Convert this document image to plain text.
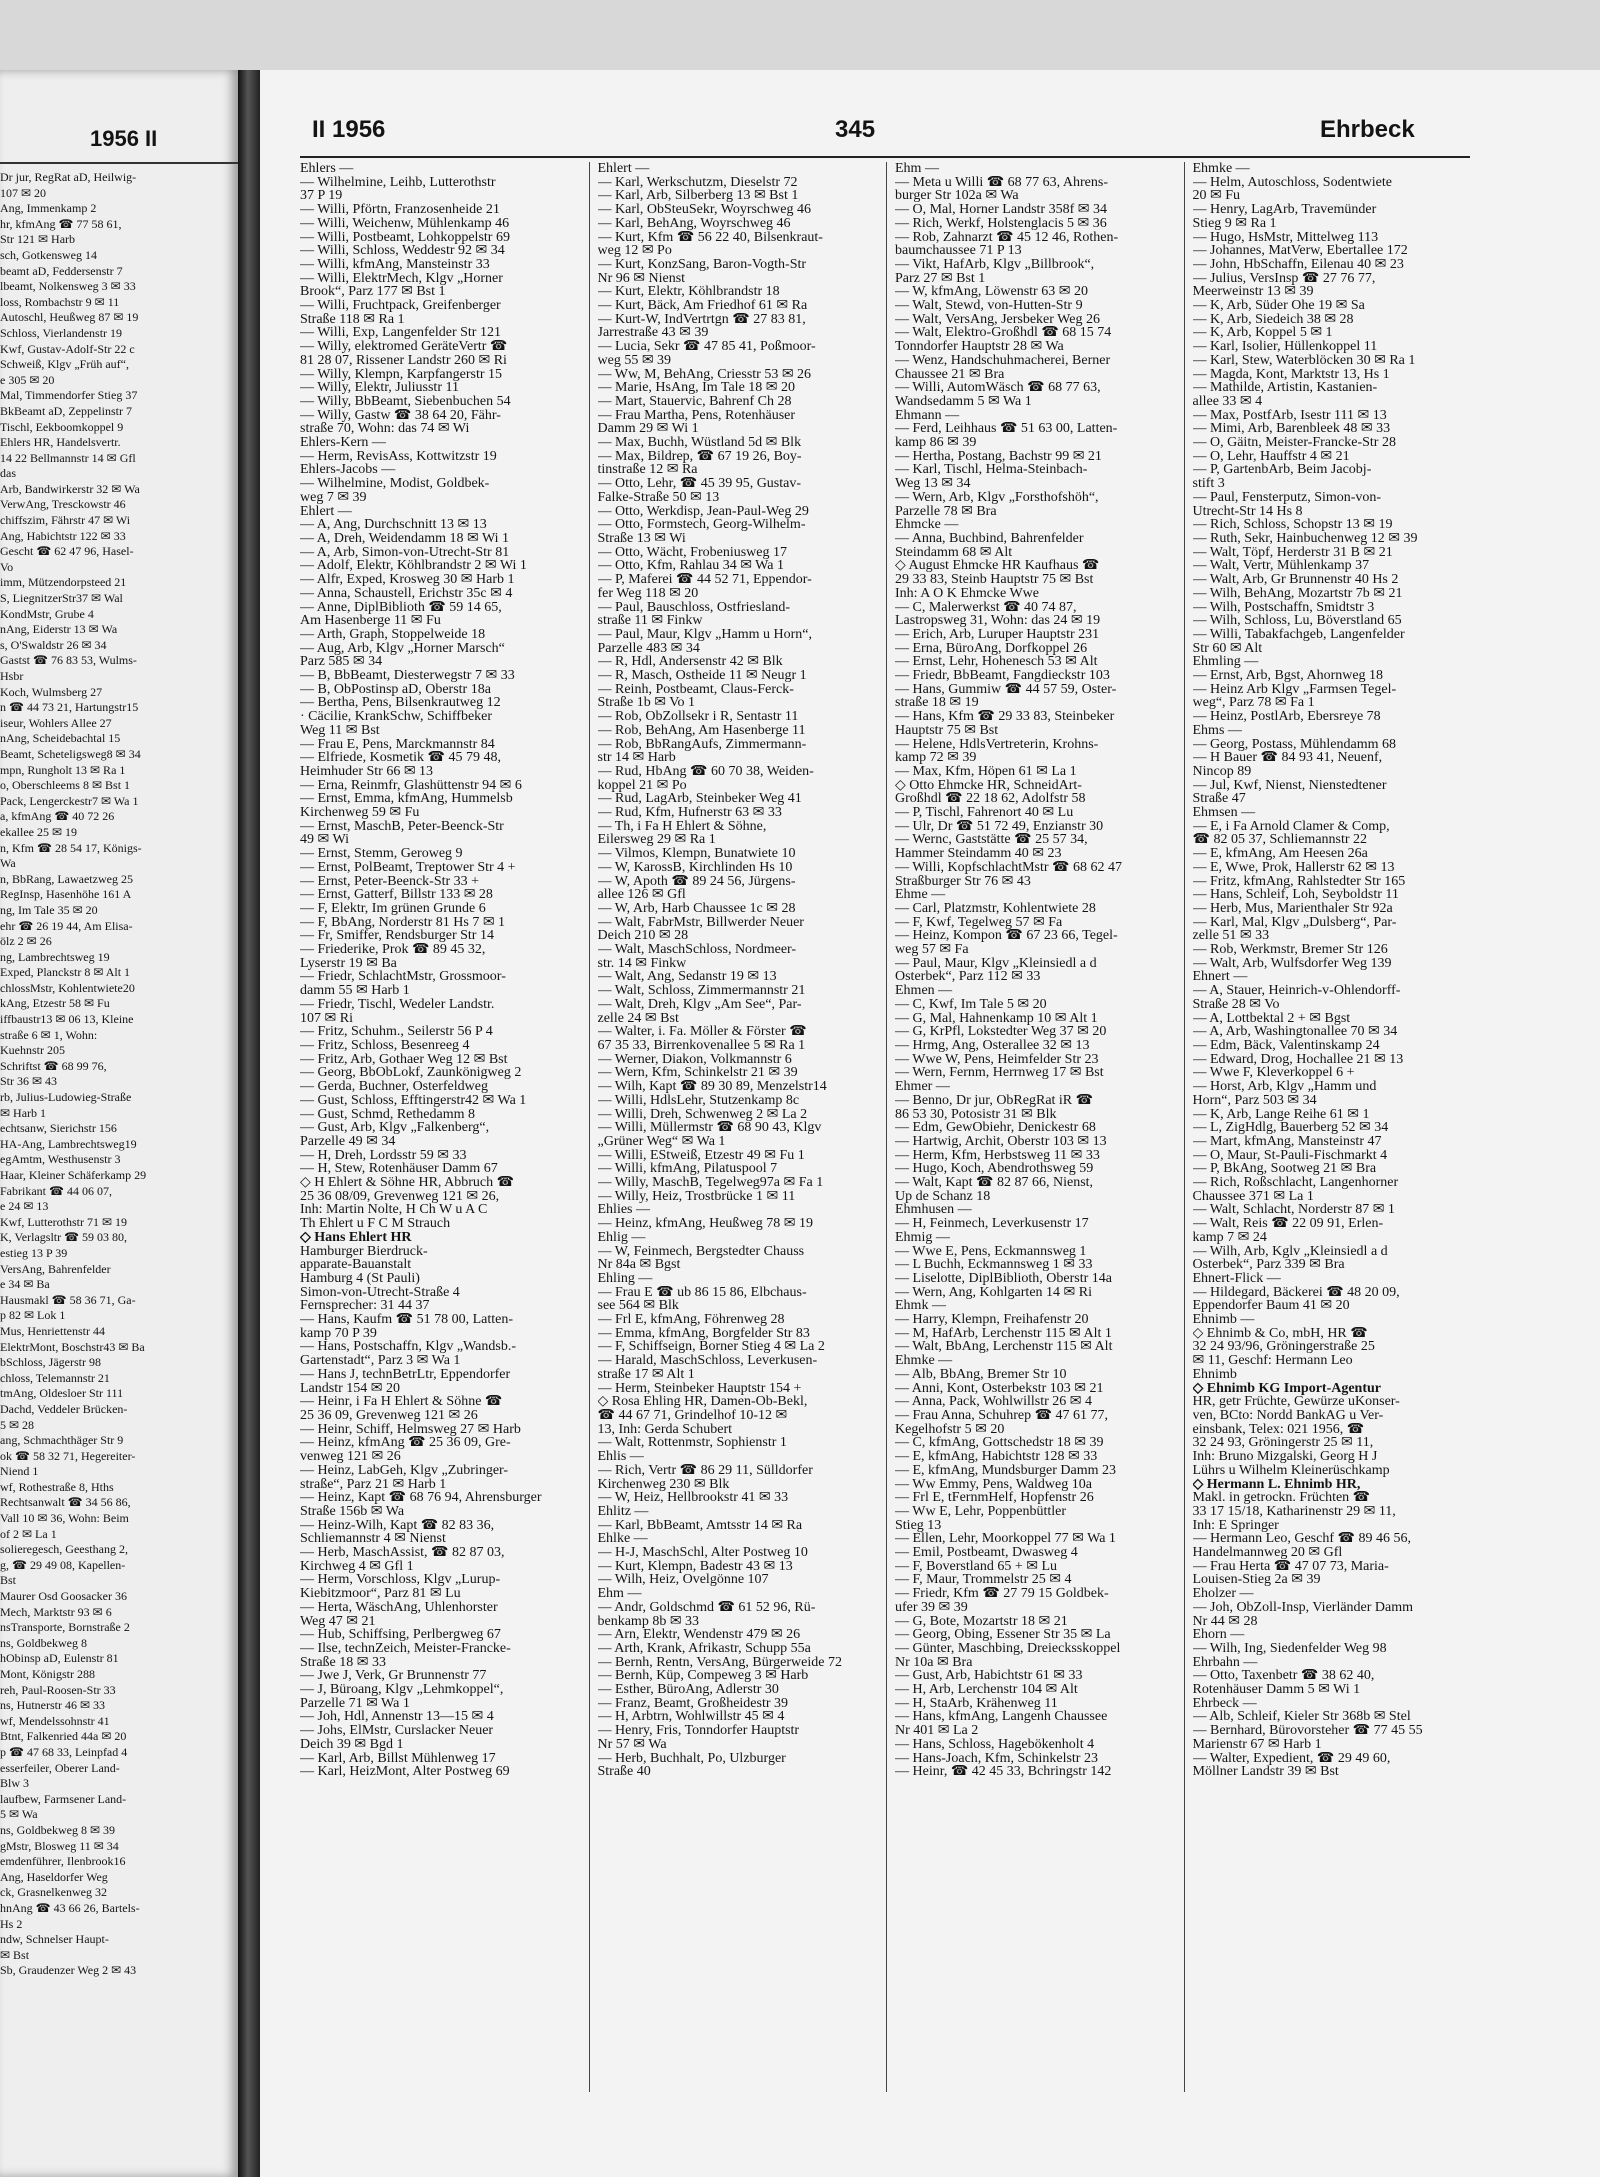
1956 II
Dr jur, RegRat aD, Heilwig-
107 ✉ 20
Ang, Immenkamp 2
hr, kfmAng ☎ 77 58 61,
Str 121 ✉ Harb
sch, Gotkensweg 14
beamt aD, Feddersenstr 7
lbeamt, Nolkensweg 3 ✉ 33
loss, Rombachstr 9 ✉ 11
Autoschl, Heußweg 87 ✉ 19
Schloss, Vierlandenstr 19
Kwf, Gustav-Adolf-Str 22 c
Schweiß, Klgv „Früh auf“,
e 305 ✉ 20
Mal, Timmendorfer Stieg 37
BkBeamt aD, Zeppelinstr 7
Tischl, Eekboomkoppel 9
Ehlers HR, Handelsvertr.
14 22 Bellmannstr 14 ✉ Gfl
das
Arb, Bandwirkerstr 32 ✉ Wa
VerwAng, Tresckowstr 46
chiffszim, Fährstr 47 ✉ Wi
Ang, Habichtstr 122 ✉ 33
Gescht ☎ 62 47 96, Hasel-
Vo
imm, Mützendorpsteed 21
S, LiegnitzerStr37 ✉ Wal
KondMstr, Grube 4
nAng, Eiderstr 13 ✉ Wa
s, O'Swaldstr 26 ✉ 34
Gastst ☎ 76 83 53, Wulms-
Hsbr
Koch, Wulmsberg 27
n ☎ 44 73 21, Hartungstr15
iseur, Wohlers Allee 27
nAng, Scheidebachtal 15
Beamt, Scheteligsweg8 ✉ 34
mpn, Rungholt 13 ✉ Ra 1
o, Oberschleems 8 ✉ Bst 1
Pack, Lengerckestr7 ✉ Wa 1
a, kfmAng ☎ 40 72 26
ekallee 25 ✉ 19
n, Kfm ☎ 28 54 17, Königs-
Wa
n, BbRang, Lawaetzweg 25
RegInsp, Hasenhöhe 161 A
ng, Im Tale 35 ✉ 20
ehr ☎ 26 19 44, Am Elisa-
ölz 2 ✉ 26
ng, Lambrechtsweg 19
Exped, Planckstr 8 ✉ Alt 1
chlossMstr, Kohlentwiete20
kAng, Etzestr 58 ✉ Fu
iffbaustr13 ✉ 06 13, Kleine
straße 6 ✉ 1, Wohn:
Kuehnstr 205
Schriftst ☎ 68 99 76,
Str 36 ✉ 43
rb, Julius-Ludowieg-Straße
✉ Harb 1
echtsanw, Sierichstr 156
HA-Ang, Lambrechtsweg19
egAmtm, Westhusenstr 3
Haar, Kleiner Schäferkamp 29
Fabrikant ☎ 44 06 07,
e 24 ✉ 13
Kwf, Lutterothstr 71 ✉ 19
K, Verlagsltr ☎ 59 03 80,
estieg 13 P 39
VersAng, Bahrenfelder
e 34 ✉ Ba
Hausmakl ☎ 58 36 71, Ga-
p 82 ✉ Lok 1
Mus, Henriettenstr 44
ElektrMont, Boschstr43 ✉ Ba
bSchloss, Jägerstr 98
chloss, Telemannstr 21
tmAng, Oldesloer Str 111
Dachd, Veddeler Brücken-
5 ✉ 28
ang, Schmachthäger Str 9
ok ☎ 58 32 71, Hegereiter-
Niend 1
wf, Rothestraße 8, Hths
Rechtsanwalt ☎ 34 56 86,
Vall 10 ✉ 36, Wohn: Beim
of 2 ✉ La 1
solieregesch, Geesthang 2,
g, ☎ 29 49 08, Kapellen-
Bst
Maurer Osd Goosacker 36
Mech, Marktstr 93 ✉ 6
nsTransporte, Bornstraße 2
ns, Goldbekweg 8
hObinsp aD, Eulenstr 81
Mont, Königstr 288
reh, Paul-Roosen-Str 33
ns, Hutnerstr 46 ✉ 33
wf, Mendelssohnstr 41
Btnt, Falkenried 44a ✉ 20
p ☎ 47 68 33, Leinpfad 4
esserfeiler, Oberer Land-
Blw 3
laufbew, Farmsener Land-
5 ✉ Wa
ns, Goldbekweg 8 ✉ 39
gMstr, Blosweg 11 ✉ 34
emdenführer, Ilenbrook16
Ang, Haseldorfer Weg
ck, Grasnelkenweg 32
hnAng ☎ 43 66 26, Bartels-
Hs 2
ndw, Schnelser Haupt-
✉ Bst
Sb, Graudenzer Weg 2 ✉ 43
II 1956	345	Ehrbeck

Ehlers —

— Wilhelmine, Leihb, Lutterothstr

37 P 19

— Willi, Pförtn, Franzosenheide 21

— Willi, Weichenw, Mühlenkamp 46

— Willi, Postbeamt, Lohkoppelstr 69

— Willi, Schloss, Weddestr 92 ✉ 34

— Willi, kfmAng, Mansteinstr 33

— Willi, ElektrMech, Klgv „Horner

Brook“, Parz 177 ✉ Bst 1

— Willi, Fruchtpack, Greifenberger

Straße 118 ✉ Ra 1

— Willi, Exp, Langenfelder Str 121

— Willy, elektromed GeräteVertr ☎

81 28 07, Rissener Landstr 260 ✉ Ri

— Willy, Klempn, Karpfangerstr 15

— Willy, Elektr, Juliusstr 11

— Willy, BbBeamt, Siebenbuchen 54

— Willy, Gastw ☎ 38 64 20, Fähr-

straße 70, Wohn: das 74 ✉ Wi

Ehlers-Kern —

— Herm, RevisAss, Kottwitzstr 19

Ehlers-Jacobs —

— Wilhelmine, Modist, Goldbek-

weg 7 ✉ 39

Ehlert —

— A, Ang, Durchschnitt 13 ✉ 13

— A, Dreh, Weidendamm 18 ✉ Wi 1

— A, Arb, Simon-von-Utrecht-Str 81

— Adolf, Elektr, Köhlbrandstr 2 ✉ Wi 1

— Alfr, Exped, Krosweg 30 ✉ Harb 1

— Anna, Schaustell, Erichstr 35c ✉ 4

— Anne, DiplBiblioth ☎ 59 14 65,

Am Hasenberge 11 ✉ Fu

— Arth, Graph, Stoppelweide 18

— Aug, Arb, Klgv „Horner Marsch“

Parz 585 ✉ 34

— B, BbBeamt, Diesterwegstr 7 ✉ 33

— B, ObPostinsp aD, Oberstr 18a

— Bertha, Pens, Bilsenkrautweg 12

· Cäcilie, KrankSchw, Schiffbeker

Weg 11 ✉ Bst

— Frau E, Pens, Marckmannstr 84

— Elfriede, Kosmetik ☎ 45 79 48,

Heimhuder Str 66 ✉ 13

— Erna, Reinmfr, Glashüttenstr 94 ✉ 6

— Ernst, Emma, kfmAng, Hummelsb

Kirchenweg 59 ✉ Fu

— Ernst, MaschB, Peter-Beenck-Str

49 ✉ Wi

— Ernst, Stemm, Geroweg 9

— Ernst, PolBeamt, Treptower Str 4 +

— Ernst, Peter-Beenck-Str 33 +

— Ernst, Gatterf, Billstr 133 ✉ 28

— F, Elektr, Im grünen Grunde 6

— F, BbAng, Norderstr 81 Hs 7 ✉ 1

— Fr, Smiffer, Rendsburger Str 14

— Friederike, Prok ☎ 89 45 32,

Lyserstr 19 ✉ Ba

— Friedr, SchlachtMstr, Grossmoor-

damm 55 ✉ Harb 1

— Friedr, Tischl, Wedeler Landstr.

107 ✉ Ri

— Fritz, Schuhm., Seilerstr 56 P 4

— Fritz, Schloss, Besenreeg 4

— Fritz, Arb, Gothaer Weg 12 ✉ Bst

— Georg, BbObLokf, Zaunkönigweg 2

— Gerda, Buchner, Osterfeldweg

— Gust, Schloss, Efftingerstr42 ✉ Wa 1

— Gust, Schmd, Rethedamm 8

— Gust, Arb, Klgv „Falkenberg“,

Parzelle 49 ✉ 34

— H, Dreh, Lordsstr 59 ✉ 33

— H, Stew, Rotenhäuser Damm 67

◇ H Ehlert & Söhne HR, Abbruch ☎

25 36 08/09, Grevenweg 121 ✉ 26,

Inh: Martin Nolte, H Ch W u A C

Th Ehlert u F C M Strauch

◇ Hans Ehlert HR

Hamburger Bierdruck-

apparate-Bauanstalt

Hamburg 4 (St Pauli)

Simon-von-Utrecht-Straße 4

Fernsprecher: 31 44 37

— Hans, Kaufm ☎ 51 78 00, Latten-

kamp 70 P 39

— Hans, Postschaffn, Klgv „Wandsb.-

Gartenstadt“, Parz 3 ✉ Wa 1

— Hans J, technBetrLtr, Eppendorfer

Landstr 154 ✉ 20

— Heinr, i Fa H Ehlert & Söhne ☎

25 36 09, Grevenweg 121 ✉ 26

— Heinr, Schiff, Helmsweg 27 ✉ Harb

— Heinz, kfmAng ☎ 25 36 09, Gre-

venweg 121 ✉ 26

— Heinz, LabGeh, Klgv „Zubringer-

straße“, Parz 21 ✉ Harb 1

— Heinz, Kapt ☎ 68 76 94, Ahrensburger

Straße 156b ✉ Wa

— Heinz-Wilh, Kapt ☎ 82 83 36,

Schliemannstr 4 ✉ Nienst

— Herb, MaschAssist, ☎ 82 87 03,

Kirchweg 4 ✉ Gfl 1

— Herm, Vorschloss, Klgv „Lurup-

Kiebitzmoor“, Parz 81 ✉ Lu

— Herta, WäschAng, Uhlenhorster

Weg 47 ✉ 21

— Hub, Schiffsing, Perlbergweg 67

— Ilse, technZeich, Meister-Francke-

Straße 18 ✉ 33

— Jwe J, Verk, Gr Brunnenstr 77

— J, Büroang, Klgv „Lehmkoppel“,

Parzelle 71 ✉ Wa 1

— Joh, Hdl, Annenstr 13—15 ✉ 4

— Johs, ElMstr, Curslacker Neuer

Deich 39 ✉ Bgd 1

— Karl, Arb, Billst Mühlenweg 17

— Karl, HeizMont, Alter Postweg 69

Ehlert —

— Karl, Werkschutzm, Dieselstr 72

— Karl, Arb, Silberberg 13 ✉ Bst 1

— Karl, ObSteuSekr, Woyrschweg 46

— Karl, BehAng, Woyrschweg 46

— Kurt, Kfm ☎ 56 22 40, Bilsenkraut-

weg 12 ✉ Po

— Kurt, KonzSang, Baron-Vogth-Str

Nr 96 ✉ Nienst

— Kurt, Elektr, Köhlbrandstr 18

— Kurt, Bäck, Am Friedhof 61 ✉ Ra

— Kurt-W, IndVertrtgn ☎ 27 83 81,

Jarrestraße 43 ✉ 39

— Lucia, Sekr ☎ 47 85 41, Poßmoor-

weg 55 ✉ 39

— Ww, M, BehAng, Criesstr 53 ✉ 26

— Marie, HsAng, Im Tale 18 ✉ 20

— Mart, Stauervic, Bahrenf Ch 28

— Frau Martha, Pens, Rotenhäuser

Damm 29 ✉ Wi 1

— Max, Buchh, Wüstland 5d ✉ Blk

— Max, Bildrep, ☎ 67 19 26, Boy-

tinstraße 12 ✉ Ra

— Otto, Lehr, ☎ 45 39 95, Gustav-

Falke-Straße 50 ✉ 13

— Otto, Werkdisp, Jean-Paul-Weg 29

— Otto, Formstech, Georg-Wilhelm-

Straße 13 ✉ Wi

— Otto, Wächt, Frobeniusweg 17

— Otto, Kfm, Rahlau 34 ✉ Wa 1

— P, Maferei ☎ 44 52 71, Eppendor-

fer Weg 118 ✉ 20

— Paul, Bauschloss, Ostfriesland-

straße 11 ✉ Finkw

— Paul, Maur, Klgv „Hamm u Horn“,

Parzelle 483 ✉ 34

— R, Hdl, Andersenstr 42 ✉ Blk

— R, Masch, Ostheide 11 ✉ Neugr 1

— Reinh, Postbeamt, Claus-Ferck-

Straße 1b ✉ Vo 1

— Rob, ObZollsekr i R, Sentastr 11

— Rob, BehAng, Am Hasenberge 11

— Rob, BbRangAufs, Zimmermann-

str 14 ✉ Harb

— Rud, HbAng ☎ 60 70 38, Weiden-

koppel 21 ✉ Po

— Rud, LagArb, Steinbeker Weg 41

— Rud, Kfm, Hufnerstr 63 ✉ 33

— Th, i Fa H Ehlert & Söhne,

Eilersweg 29 ✉ Ra 1

— Vilmos, Klempn, Bunatwiete 10

— W, KarossB, Kirchlinden Hs 10

— W, Apoth ☎ 89 24 56, Jürgens-

allee 126 ✉ Gfl

— W, Arb, Harb Chaussee 1c ✉ 28

— Walt, FabrMstr, Billwerder Neuer

Deich 210 ✉ 28

— Walt, MaschSchloss, Nordmeer-

str. 14 ✉ Finkw

— Walt, Ang, Sedanstr 19 ✉ 13

— Walt, Schloss, Zimmermannstr 21

— Walt, Dreh, Klgv „Am See“, Par-

zelle 24 ✉ Bst

— Walter, i. Fa. Möller & Förster ☎

67 35 33, Birrenkovenallee 5 ✉ Ra 1

— Werner, Diakon, Volkmannstr 6

— Wern, Kfm, Schinkelstr 21 ✉ 39

— Wilh, Kapt ☎ 89 30 89, Menzelstr14

— Willi, HdlsLehr, Stutzenkamp 8c

— Willi, Dreh, Schwenweg 2 ✉ La 2

— Willi, Müllermstr ☎ 68 90 43, Klgv

„Grüner Weg“ ✉ Wa 1

— Willi, EStweiß, Etzestr 49 ✉ Fu 1

— Willi, kfmAng, Pilatuspool 7

— Willy, MaschB, Tegelweg97a ✉ Fa 1

— Willy, Heiz, Trostbrücke 1 ✉ 11

Ehlies —

— Heinz, kfmAng, Heußweg 78 ✉ 19

Ehlig —

— W, Feinmech, Bergstedter Chauss

Nr 84a ✉ Bgst

Ehling —

— Frau E ☎ ub 86 15 86, Elbchaus-

see 564 ✉ Blk

— Frl E, kfmAng, Föhrenweg 28

— Emma, kfmAng, Borgfelder Str 83

— F, Schiffseign, Borner Stieg 4 ✉ La 2

— Harald, MaschSchloss, Leverkusen-

straße 17 ✉ Alt 1

— Herm, Steinbeker Hauptstr 154 +

◇ Rosa Ehling HR, Damen-Ob-Bekl,

☎ 44 67 71, Grindelhof 10-12 ✉

13, Inh: Gerda Schubert

— Walt, Rottenmstr, Sophienstr 1

Ehlis —

— Rich, Vertr ☎ 86 29 11, Sülldorfer

Kirchenweg 230 ✉ Blk

— W, Heiz, Hellbrookstr 41 ✉ 33

Ehlitz —

— Karl, BbBeamt, Amtsstr 14 ✉ Ra

Ehlke —

— H-J, MaschSchl, Alter Postweg 10

— Kurt, Klempn, Badestr 43 ✉ 13

— Wilh, Heiz, Ovelgönne 107

Ehm —

— Andr, Goldschmd ☎ 61 52 96, Rü-

benkamp 8b ✉ 33

— Arn, Elektr, Wendenstr 479 ✉ 26

— Arth, Krank, Afrikastr, Schupp 55a

— Bernh, Rentn, VersAng, Bürgerweide 72

— Bernh, Küp, Compeweg 3 ✉ Harb

— Esther, BüroAng, Adlerstr 30

— Franz, Beamt, Großheidestr 39

— H, Arbtrn, Wohlwillstr 45 ✉ 4

— Henry, Fris, Tonndorfer Hauptstr

Nr 57 ✉ Wa

— Herb, Buchhalt, Po, Ulzburger

Straße 40

Ehm —

— Meta u Willi ☎ 68 77 63, Ahrens-

burger Str 102a ✉ Wa

— O, Mal, Horner Landstr 358f ✉ 34

— Rich, Werkf, Holstenglacis 5 ✉ 36

— Rob, Zahnarzt ☎ 45 12 46, Rothen-

baumchaussee 71 P 13

— Vikt, HafArb, Klgv „Billbrook“,

Parz 27 ✉ Bst 1

— W, kfmAng, Löwenstr 63 ✉ 20

— Walt, Stewd, von-Hutten-Str 9

— Walt, VersAng, Jersbeker Weg 26

— Walt, Elektro-Großhdl ☎ 68 15 74

Tonndorfer Hauptstr 28 ✉ Wa

— Wenz, Handschuhmacherei, Berner

Chaussee 21 ✉ Bra

— Willi, AutomWäsch ☎ 68 77 63,

Wandsedamm 5 ✉ Wa 1

Ehmann —

— Ferd, Leihhaus ☎ 51 63 00, Latten-

kamp 86 ✉ 39

— Hertha, Postang, Bachstr 99 ✉ 21

— Karl, Tischl, Helma-Steinbach-

Weg 13 ✉ 34

— Wern, Arb, Klgv „Forsthofshöh“,

Parzelle 78 ✉ Bra

Ehmcke —

— Anna, Buchbind, Bahrenfelder

Steindamm 68 ✉ Alt

◇ August Ehmcke HR Kaufhaus ☎

29 33 83, Steinb Hauptstr 75 ✉ Bst

Inh: A O K Ehmcke Wwe

— C, Malerwerkst ☎ 40 74 87,

Lastropsweg 31, Wohn: das 24 ✉ 19

— Erich, Arb, Luruper Hauptstr 231

— Erna, BüroAng, Dorfkoppel 26

— Ernst, Lehr, Hohenesch 53 ✉ Alt

— Friedr, BbBeamt, Fangdieckstr 103

— Hans, Gummiw ☎ 44 57 59, Oster-

straße 18 ✉ 19

— Hans, Kfm ☎ 29 33 83, Steinbeker

Hauptstr 75 ✉ Bst

— Helene, HdlsVertreterin, Krohns-

kamp 72 ✉ 39

— Max, Kfm, Höpen 61 ✉ La 1

◇ Otto Ehmcke HR, SchneidArt-

Großhdl ☎ 22 18 62, Adolfstr 58

— P, Tischl, Fahrenort 40 ✉ Lu

— Ulr, Dr ☎ 51 72 49, Enzianstr 30

— Wernc, Gaststätte ☎ 25 57 34,

Hammer Steindamm 40 ✉ 23

— Willi, KopfschlachtMstr ☎ 68 62 47

Straßburger Str 76 ✉ 43

Ehme —

— Carl, Platzmstr, Kohlentwiete 28

— F, Kwf, Tegelweg 57 ✉ Fa

— Heinz, Kompon ☎ 67 23 66, Tegel-

weg 57 ✉ Fa

— Paul, Maur, Klgv „Kleinsiedl a d

Osterbek“, Parz 112 ✉ 33

Ehmen —

— C, Kwf, Im Tale 5 ✉ 20

— G, Mal, Hahnenkamp 10 ✉ Alt 1

— G, KrPfl, Lokstedter Weg 37 ✉ 20

— Hrmg, Ang, Osterallee 32 ✉ 13

— Wwe W, Pens, Heimfelder Str 23

— Wern, Fernm, Herrnweg 17 ✉ Bst

Ehmer —

— Benno, Dr jur, ObRegRat iR ☎

86 53 30, Potosistr 31 ✉ Blk

— Edm, GewObiehr, Denickestr 68

— Hartwig, Archit, Oberstr 103 ✉ 13

— Herm, Kfm, Herbstsweg 11 ✉ 33

— Hugo, Koch, Abendrothsweg 59

— Walt, Kapt ☎ 82 87 66, Nienst,

Up de Schanz 18

Ehmhusen —

— H, Feinmech, Leverkusenstr 17

Ehmig —

— Wwe E, Pens, Eckmannsweg 1

— L Buchh, Eckmannsweg 1 ✉ 33

— Liselotte, DiplBiblioth, Oberstr 14a

— Wern, Ang, Kohlgarten 14 ✉ Ri

Ehmk —

— Harry, Klempn, Freihafenstr 20

— M, HafArb, Lerchenstr 115 ✉ Alt 1

— Walt, BbAng, Lerchenstr 115 ✉ Alt

Ehmke —

— Alb, BbAng, Bremer Str 10

— Anni, Kont, Osterbekstr 103 ✉ 21

— Anna, Pack, Wohlwillstr 26 ✉ 4

— Frau Anna, Schuhrep ☎ 47 61 77,

Kegelhofstr 5 ✉ 20

— C, kfmAng, Gottschedstr 18 ✉ 39

— E, kfmAng, Habichtstr 128 ✉ 33

— E, kfmAng, Mundsburger Damm 23

— Ww Emmy, Pens, Waldweg 10a

— Frl E, tFernmHelf, Hopfenstr 26

— Ww E, Lehr, Poppenbüttler

Stieg 13

— Ellen, Lehr, Moorkoppel 77 ✉ Wa 1

— Emil, Postbeamt, Dwasweg 4

— F, Boverstland 65 + ✉ Lu

— F, Maur, Trommelstr 25 ✉ 4

— Friedr, Kfm ☎ 27 79 15 Goldbek-

ufer 39 ✉ 39

— G, Bote, Mozartstr 18 ✉ 21

— Georg, Obing, Essener Str 35 ✉ La

— Günter, Maschbing, Dreiecksskoppel

Nr 10a ✉ Bra

— Gust, Arb, Habichtstr 61 ✉ 33

— H, Arb, Lerchenstr 104 ✉ Alt

— H, StaArb, Krähenweg 11

— Hans, kfmAng, Langenh Chaussee

Nr 401 ✉ La 2

— Hans, Schloss, Hagebökenholt 4

— Hans-Joach, Kfm, Schinkelstr 23

— Heinr, ☎ 42 45 33, Bchringstr 142

Ehmke —

— Helm, Autoschloss, Sodentwiete

20 ✉ Fu

— Henry, LagArb, Travemünder

Stieg 9 ✉ Ra 1

— Hugo, HsMstr, Mittelweg 113

— Johannes, MatVerw, Ebertallee 172

— John, HbSchaffn, Eilenau 40 ✉ 23

— Julius, VersInsp ☎ 27 76 77,

Meerweinstr 13 ✉ 39

— K, Arb, Süder Ohe 19 ✉ Sa

— K, Arb, Siedeich 38 ✉ 28

— K, Arb, Koppel 5 ✉ 1

— Karl, Isolier, Hüllenkoppel 11

— Karl, Stew, Waterblöcken 30 ✉ Ra 1

— Magda, Kont, Marktstr 13, Hs 1

— Mathilde, Artistin, Kastanien-

allee 33 ✉ 4

— Max, PostfArb, Isestr 111 ✉ 13

— Mimi, Arb, Barenbleek 48 ✉ 33

— O, Gäitn, Meister-Francke-Str 28

— O, Lehr, Hauffstr 4 ✉ 21

— P, GartenbArb, Beim Jacobj-

stift 3

— Paul, Fensterputz, Simon-von-

Utrecht-Str 14 Hs 8

— Rich, Schloss, Schopstr 13 ✉ 19

— Ruth, Sekr, Hainbuchenweg 12 ✉ 39

— Walt, Töpf, Herderstr 31 B ✉ 21

— Walt, Vertr, Mühlenkamp 37

— Walt, Arb, Gr Brunnenstr 40 Hs 2

— Wilh, BehAng, Mozartstr 7b ✉ 21

— Wilh, Postschaffn, Smidtstr 3

— Wilh, Schloss, Lu, Böverstland 65

— Willi, Tabakfachgeb, Langenfelder

Str 60 ✉ Alt

Ehmling —

— Ernst, Arb, Bgst, Ahornweg 18

— Heinz Arb Klgv „Farmsen Tegel-

weg“, Parz 78 ✉ Fa 1

— Heinz, PostlArb, Ebersreye 78

Ehms —

— Georg, Postass, Mühlendamm 68

— H Bauer ☎ 84 93 41, Neuenf,

Nincop 89

— Jul, Kwf, Nienst, Nienstedtener

Straße 47

Ehmsen —

— E, i Fa Arnold Clamer & Comp,

☎ 82 05 37, Schliemannstr 22

— E, kfmAng, Am Heesen 26a

— E, Wwe, Prok, Hallerstr 62 ✉ 13

— Fritz, kfmAng, Rahlstedter Str 165

— Hans, Schleif, Loh, Seyboldstr 11

— Herb, Mus, Marienthaler Str 92a

— Karl, Mal, Klgv „Dulsberg“, Par-

zelle 51 ✉ 33

— Rob, Werkmstr, Bremer Str 126

— Walt, Arb, Wulfsdorfer Weg 139

Ehnert —

— A, Stauer, Heinrich-v-Ohlendorff-

Straße 28 ✉ Vo

— A, Lottbektal 2 + ✉ Bgst

— A, Arb, Washingtonallee 70 ✉ 34

— Edm, Bäck, Valentinskamp 24

— Edward, Drog, Hochallee 21 ✉ 13

— Wwe F, Kleverkoppel 6 +

— Horst, Arb, Klgv „Hamm und

Horn“, Parz 503 ✉ 34

— K, Arb, Lange Reihe 61 ✉ 1

— L, ZigHdlg, Bauerberg 52 ✉ 34

— Mart, kfmAng, Mansteinstr 47

— O, Maur, St-Pauli-Fischmarkt 4

— P, BkAng, Sootweg 21 ✉ Bra

— Rich, Roßschlacht, Langenhorner

Chaussee 371 ✉ La 1

— Walt, Schlacht, Norderstr 87 ✉ 1

— Walt, Reis ☎ 22 09 91, Erlen-

kamp 7 ✉ 24

— Wilh, Arb, Kglv „Kleinsiedl a d

Osterbek“, Parz 339 ✉ Bra

Ehnert-Flick —

— Hildegard, Bäckerei ☎ 48 20 09,

Eppendorfer Baum 41 ✉ 20

Ehnimb —

◇ Ehnimb & Co, mbH, HR ☎

32 24 93/96, Gröningerstraße 25

✉ 11, Geschf: Hermann Leo

Ehnimb

◇ Ehnimb KG Import-Agentur

HR, getr Früchte, Gewürze uKonser-

ven, BCto: Nordd BankAG u Ver-

einsbank, Telex: 021 1956, ☎

32 24 93, Gröningerstr 25 ✉ 11,

Inh: Bruno Mizgalski, Georg H J

Lührs u Wilhelm Kleinerüschkamp

◇ Hermann L. Ehnimb HR,

Makl. in getrockn. Früchten ☎

33 17 15/18, Katharinenstr 29 ✉ 11,

Inh: E Springer

— Hermann Leo, Geschf ☎ 89 46 56,

Handelmannweg 20 ✉ Gfl

— Frau Herta ☎ 47 07 73, Maria-

Louisen-Stieg 2a ✉ 39

Eholzer —

— Joh, ObZoll-Insp, Vierländer Damm

Nr 44 ✉ 28

Ehorn —

— Wilh, Ing, Siedenfelder Weg 98

Ehrbahn —

— Otto, Taxenbetr ☎ 38 62 40,

Rotenhäuser Damm 5 ✉ Wi 1

Ehrbeck —

— Alb, Schleif, Kieler Str 368b ✉ Stel

— Bernhard, Bürovorsteher ☎ 77 45 55

Marienstr 67 ✉ Harb 1

— Walter, Expedient, ☎ 29 49 60,

Möllner Landstr 39 ✉ Bst
